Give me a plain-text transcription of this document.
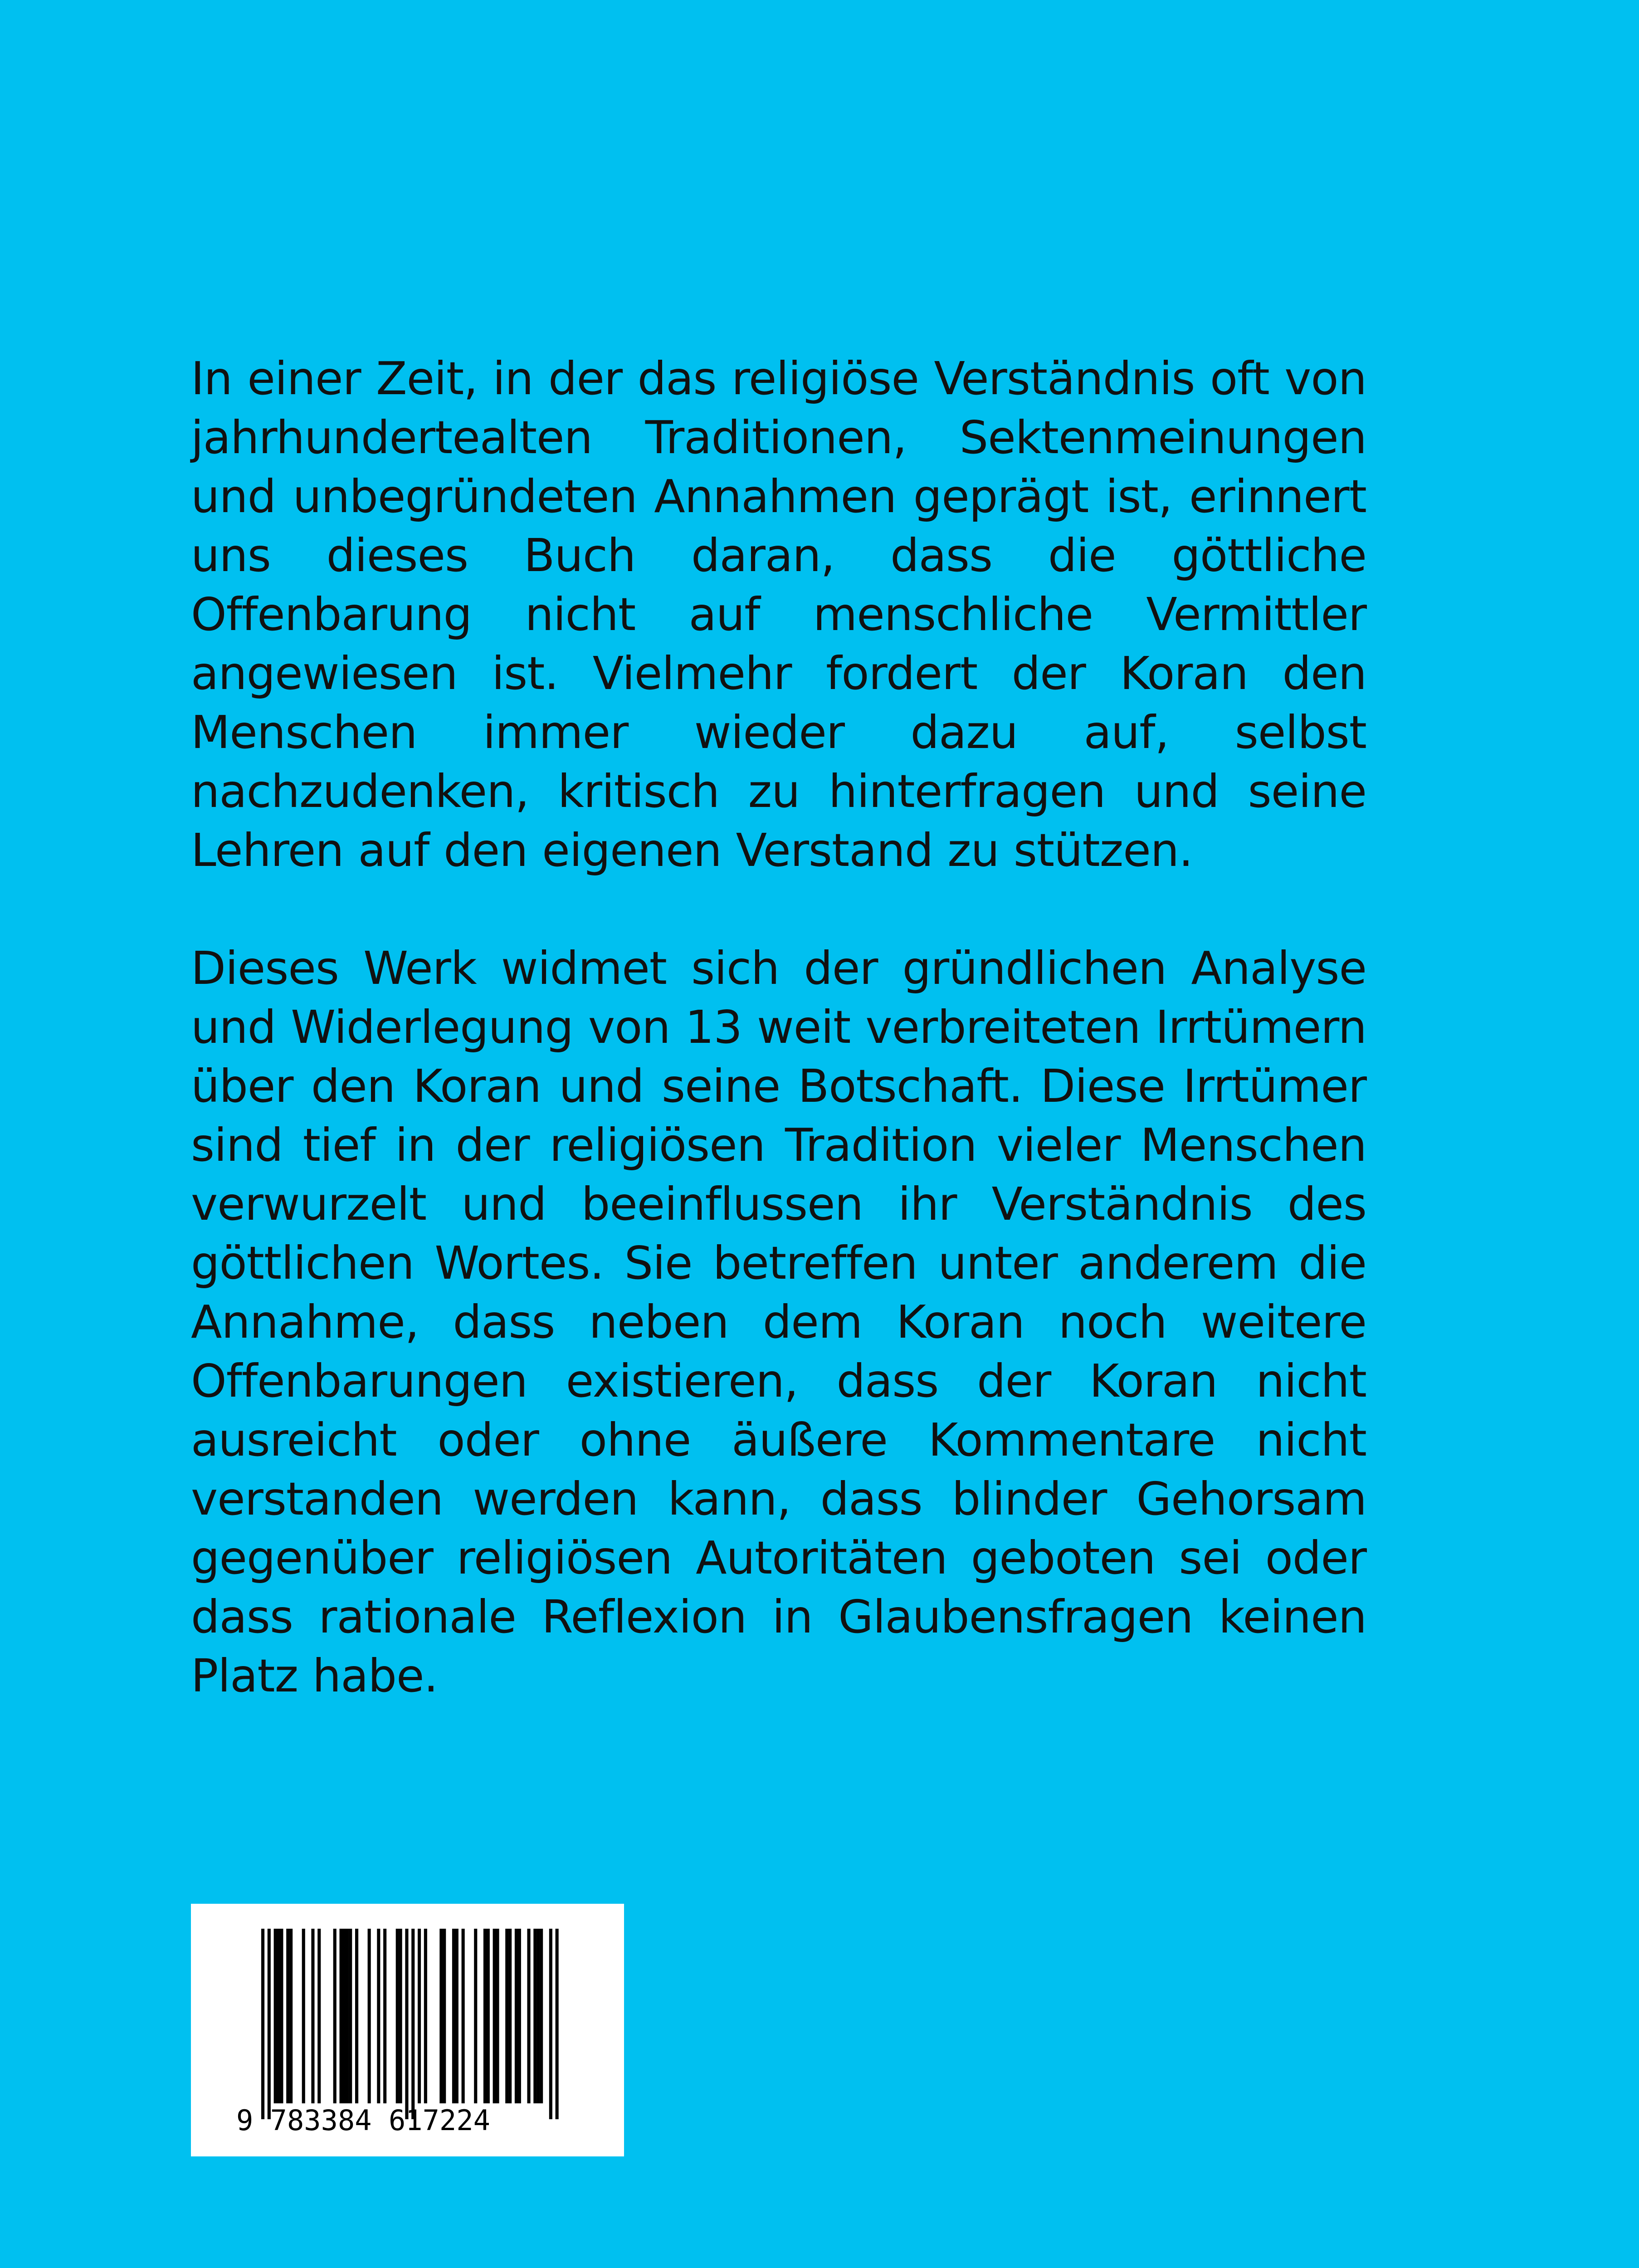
In einer Zeit, in der das religiöse Verständnis oft von jahrhundertealten Traditionen, Sektenmeinungen und unbegründeten Annahmen geprägt ist, erinnert uns dieses Buch daran, dass die göttliche Offenbarung nicht auf menschliche Vermittler angewiesen ist. Vielmehr fordert der Koran den Menschen immer wieder dazu auf, selbst nachzudenken, kritisch zu hinterfragen und seine Lehren auf den eigenen Verstand zu stützen.

Dieses Werk widmet sich der gründlichen Analyse und Widerlegung von 13 weit verbreiteten Irrtümern über den Koran und seine Botschaft. Diese Irrtümer sind tief in der religiösen Tradition vieler Menschen verwurzelt und beeinflussen ihr Verständnis des göttlichen Wortes. Sie betreffen unter anderem die Annahme, dass neben dem Koran noch weitere Offenbarungen existieren, dass der Koran nicht ausreicht oder ohne äußere Kommentare nicht verstanden werden kann, dass blinder Gehorsam gegenüber religiösen Autoritäten geboten sei oder dass rationale Reflexion in Glaubensfragen keinen Platz habe.

9 783384 617224
